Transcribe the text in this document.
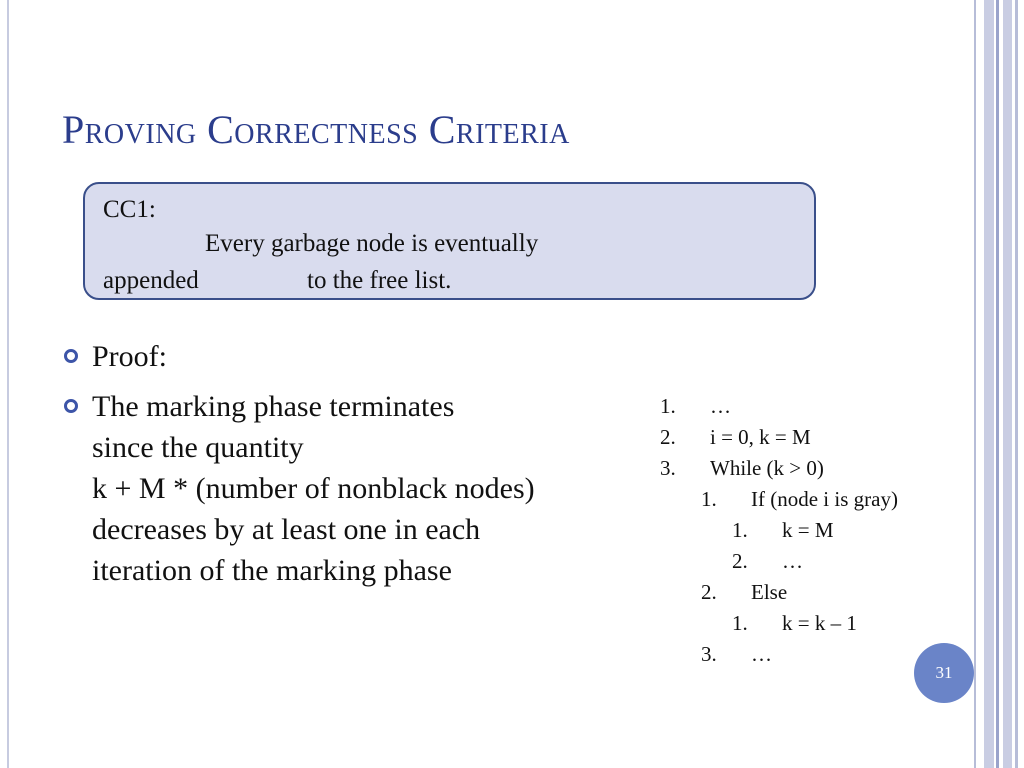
Proving Correctness Criteria
CC1:
Every garbage node is eventually
appended	to the free list.
Proof:
The marking phase terminates
since the quantity
k + M * (number of nonblack nodes)
decreases by at least one in each
iteration of the marking phase
1. …
2. i = 0, k = M
3. While (k > 0)
1. If (node i is gray)
1. k = M
2. …
2. Else
1. k = k – 1
3. …
31
